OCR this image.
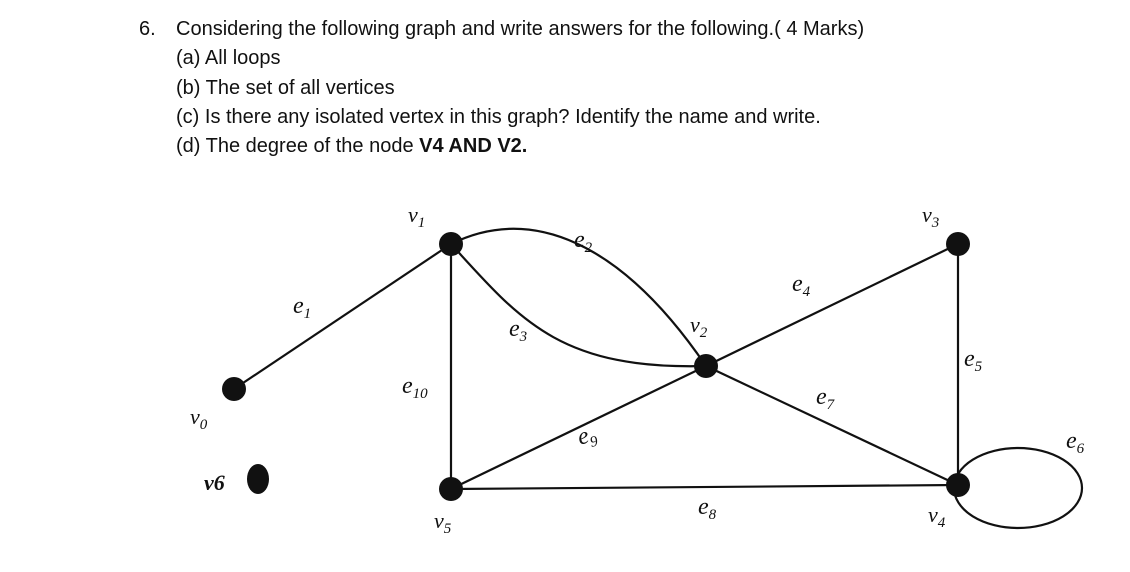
6. Considering the following graph and write answers for the following.( 4 Marks)
(a) All loops
(b) The set of all vertices
(c) Is there any isolated vertex in this graph? Identify the name and write.
(d) The degree of the node V4 AND V2.
$v_0$
$v_1$
$v_2$
$v_3$
$v_4$
$v_5$
v6
$e_1$
$e_2$
$e_3$
$e_4$
$e_5$
$e_6$
$e_7$
$e_8$
$e_9$
$e_{10}$
